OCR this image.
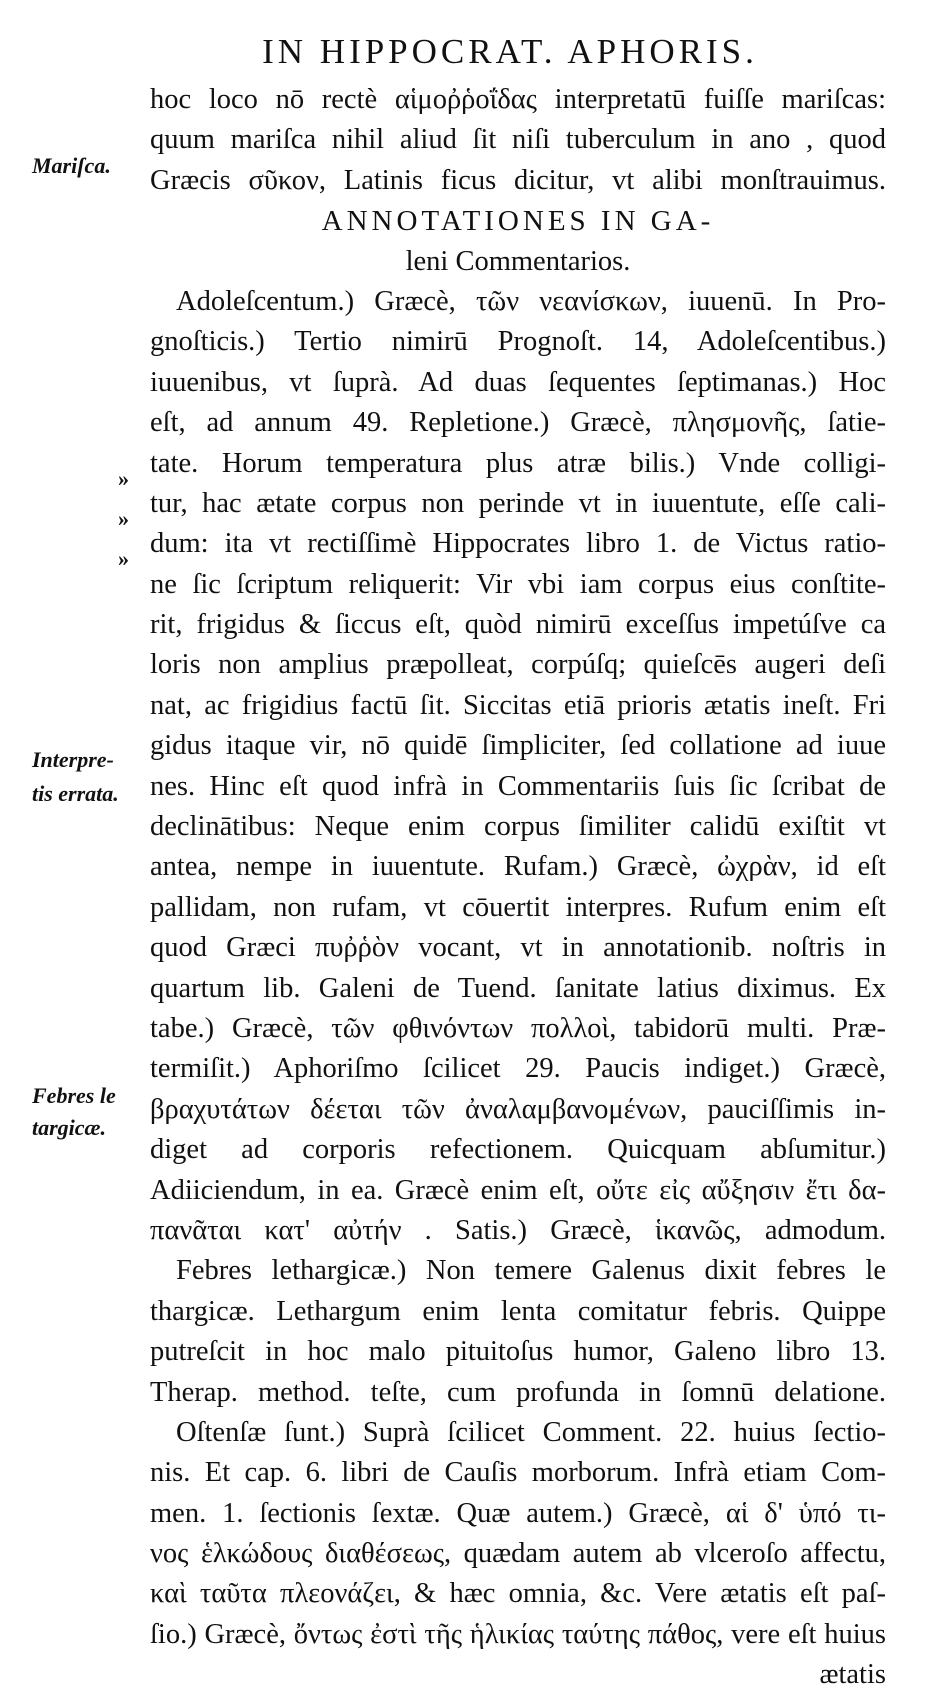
IN HIPPOCRAT. APHORIS.
Mariſca.
Interpre-
tis errata.
Febres le
targicæ.
»
»
»
hoc loco nō rectè αἱμοῤῥοΐδας interpretatū fuiſſe mariſcas:
quum mariſca nihil aliud ſit niſi tuberculum in ano , quod
Græcis σῦκον, Latinis ficus dicitur, vt alibi monſtrauimus.
ANNOTATIONES IN GA-
leni Commentarios.
Adoleſcentum.) Græcè, τῶν νεανίσκων, iuuenū. In Pro-
gnoſticis.) Tertio nimirū Prognoſt. 14, Adoleſcentibus.)
iuuenibus, vt ſuprà. Ad duas ſequentes ſeptimanas.) Hoc
eſt, ad annum 49. Repletione.) Græcè, πλησμονῆς, ſatie-
tate. Horum temperatura plus atræ bilis.) Vnde colligi-
tur, hac ætate corpus non perinde vt in iuuentute, eſſe cali-
dum: ita vt rectiſſimè Hippocrates libro 1. de Victus ratio-
ne ſic ſcriptum reliquerit: Vir vbi iam corpus eius conſtite-
rit, frigidus & ſiccus eſt, quòd nimirū exceſſus impetúſve ca
loris non amplius præpolleat, corpúſq; quieſcēs augeri deſi
nat, ac frigidius factū ſit. Siccitas etiā prioris ætatis ineſt. Fri
gidus itaque vir, nō quidē ſimpliciter, ſed collatione ad iuue
nes. Hinc eſt quod infrà in Commentariis ſuis ſic ſcribat de
declinātibus: Neque enim corpus ſimiliter calidū exiſtit vt
antea, nempe in iuuentute. Rufam.) Græcè, ὠχρὰν, id eſt
pallidam, non rufam, vt cōuertit interpres. Rufum enim eſt
quod Græci πυῤῥὸν vocant, vt in annotationib. noſtris in
quartum lib. Galeni de Tuend. ſanitate latius diximus. Ex
tabe.) Græcè, τῶν φθινόντων πολλοὶ, tabidorū multi. Præ-
termiſit.) Aphoriſmo ſcilicet 29. Paucis indiget.) Græcè,
βραχυτάτων δέεται τῶν ἀναλαμβανομένων, pauciſſimis in-
diget ad corporis refectionem. Quicquam abſumitur.)
Adiiciendum, in ea. Græcè enim eſt, οὔτε εἰς αὔξησιν ἔτι δα-
πανᾶται κατ' αὐτήν . Satis.) Græcè, ἱκανῶς, admodum.
Febres lethargicæ.) Non temere Galenus dixit febres le
thargicæ. Lethargum enim lenta comitatur febris. Quippe
putreſcit in hoc malo pituitoſus humor, Galeno libro 13.
Therap. method. teſte, cum profunda in ſomnū delatione.
Oſtenſæ ſunt.) Suprà ſcilicet Comment. 22. huius ſectio-
nis. Et cap. 6. libri de Cauſis morborum. Infrà etiam Com-
men. 1. ſectionis ſextæ. Quæ autem.) Græcè, αἱ δ' ὑπό τι-
νος ἑλκώδους διαθέσεως, quædam autem ab vlceroſo affectu,
καὶ ταῦτα πλεονάζει, & hæc omnia, &c. Vere ætatis eſt paſ-
ſio.) Græcè, ὄντως ἐστὶ τῆς ἡλικίας ταύτης πάθος, vere eſt huius
ætatis
